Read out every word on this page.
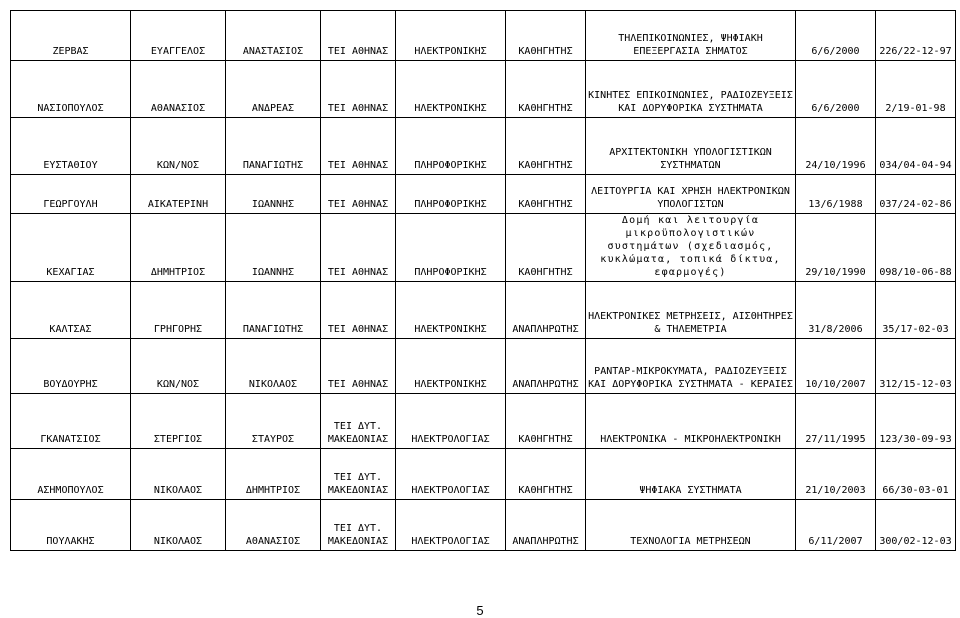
ΖΕΡΒΑΣ	ΕΥΑΓΓΕΛΟΣ	ΑΝΑΣΤΑΣΙΟΣ	ΤΕΙ ΑΘΗΝΑΣ	ΗΛΕΚΤΡΟΝΙΚΗΣ	ΚΑΘΗΓΗΤΗΣ	ΤΗΛΕΠΙΚΟΙΝΩΝΙΕΣ, ΨΗΦΙΑΚΗ ΕΠΕΞΕΡΓΑΣΙΑ ΣΗΜΑΤΟΣ	6/6/2000	226/22-12-97
ΝΑΣΙΟΠΟΥΛΟΣ	ΑΘΑΝΑΣΙΟΣ	ΑΝΔΡΕΑΣ	ΤΕΙ ΑΘΗΝΑΣ	ΗΛΕΚΤΡΟΝΙΚΗΣ	ΚΑΘΗΓΗΤΗΣ	ΚΙΝΗΤΕΣ ΕΠΙΚΟΙΝΩΝΙΕΣ, ΡΑΔΙΟΖΕΥΞΕΙΣ ΚΑΙ ΔΟΡΥΦΟΡΙΚΑ ΣΥΣΤΗΜΑΤΑ	6/6/2000	2/19-01-98
ΕΥΣΤΑΘΙΟΥ	ΚΩΝ/ΝΟΣ	ΠΑΝΑΓΙΩΤΗΣ	ΤΕΙ ΑΘΗΝΑΣ	ΠΛΗΡΟΦΟΡΙΚΗΣ	ΚΑΘΗΓΗΤΗΣ	ΑΡΧΙΤΕΚΤΟΝΙΚΗ ΥΠΟΛΟΓΙΣΤΙΚΩΝ ΣΥΣΤΗΜΑΤΩΝ	24/10/1996	034/04-04-94
ΓΕΩΡΓΟΥΛΗ	ΑΙΚΑΤΕΡΙΝΗ	ΙΩΑΝΝΗΣ	ΤΕΙ ΑΘΗΝΑΣ	ΠΛΗΡΟΦΟΡΙΚΗΣ	ΚΑΘΗΓΗΤΗΣ	ΛΕΙΤΟΥΡΓΙΑ ΚΑΙ ΧΡΗΣΗ ΗΛΕΚΤΡΟΝΙΚΩΝ ΥΠΟΛΟΓΙΣΤΩΝ	13/6/1988	037/24-02-86
ΚΕΧΑΓΙΑΣ	ΔΗΜΗΤΡΙΟΣ	ΙΩΑΝΝΗΣ	ΤΕΙ ΑΘΗΝΑΣ	ΠΛΗΡΟΦΟΡΙΚΗΣ	ΚΑΘΗΓΗΤΗΣ	Δομή και λειτουργία μικροϋπολογιστικών συστημάτων (σχεδιασμός, κυκλώματα, τοπικά δίκτυα, εφαρμογές)	29/10/1990	098/10-06-88
ΚΑΛΤΣΑΣ	ΓΡΗΓΟΡΗΣ	ΠΑΝΑΓΙΩΤΗΣ	ΤΕΙ ΑΘΗΝΑΣ	ΗΛΕΚΤΡΟΝΙΚΗΣ	ΑΝΑΠΛΗΡΩΤΗΣ	ΗΛΕΚΤΡΟΝΙΚΕΣ ΜΕΤΡΗΣΕΙΣ, ΑΙΣΘΗΤΗΡΕΣ & ΤΗΛΕΜΕΤΡΙΑ	31/8/2006	35/17-02-03
ΒΟΥΔΟΥΡΗΣ	ΚΩΝ/ΝΟΣ	ΝΙΚΟΛΑΟΣ	ΤΕΙ ΑΘΗΝΑΣ	ΗΛΕΚΤΡΟΝΙΚΗΣ	ΑΝΑΠΛΗΡΩΤΗΣ	ΡΑΝΤΑΡ-ΜΙΚΡΟΚΥΜΑΤΑ, ΡΑΔΙΟΖΕΥΞΕΙΣ ΚΑΙ ΔΟΡΥΦΟΡΙΚΑ ΣΥΣΤΗΜΑΤΑ - ΚΕΡΑΙΕΣ	10/10/2007	312/15-12-03
ΓΚΑΝΑΤΣΙΟΣ	ΣΤΕΡΓΙΟΣ	ΣΤΑΥΡΟΣ	ΤΕΙ ΔΥΤ. ΜΑΚΕΔΟΝΙΑΣ	ΗΛΕΚΤΡΟΛΟΓΙΑΣ	ΚΑΘΗΓΗΤΗΣ	ΗΛΕΚΤΡΟΝΙΚΑ - ΜΙΚΡΟΗΛΕΚΤΡΟΝΙΚΗ	27/11/1995	123/30-09-93
ΑΣΗΜΟΠΟΥΛΟΣ	ΝΙΚΟΛΑΟΣ	ΔΗΜΗΤΡΙΟΣ	ΤΕΙ ΔΥΤ. ΜΑΚΕΔΟΝΙΑΣ	ΗΛΕΚΤΡΟΛΟΓΙΑΣ	ΚΑΘΗΓΗΤΗΣ	ΨΗΦΙΑΚΑ ΣΥΣΤΗΜΑΤΑ	21/10/2003	66/30-03-01
ΠΟΥΛΑΚΗΣ	ΝΙΚΟΛΑΟΣ	ΑΘΑΝΑΣΙΟΣ	ΤΕΙ ΔΥΤ. ΜΑΚΕΔΟΝΙΑΣ	ΗΛΕΚΤΡΟΛΟΓΙΑΣ	ΑΝΑΠΛΗΡΩΤΗΣ	ΤΕΧΝΟΛΟΓΙΑ ΜΕΤΡΗΣΕΩΝ	6/11/2007	300/02-12-03
5
